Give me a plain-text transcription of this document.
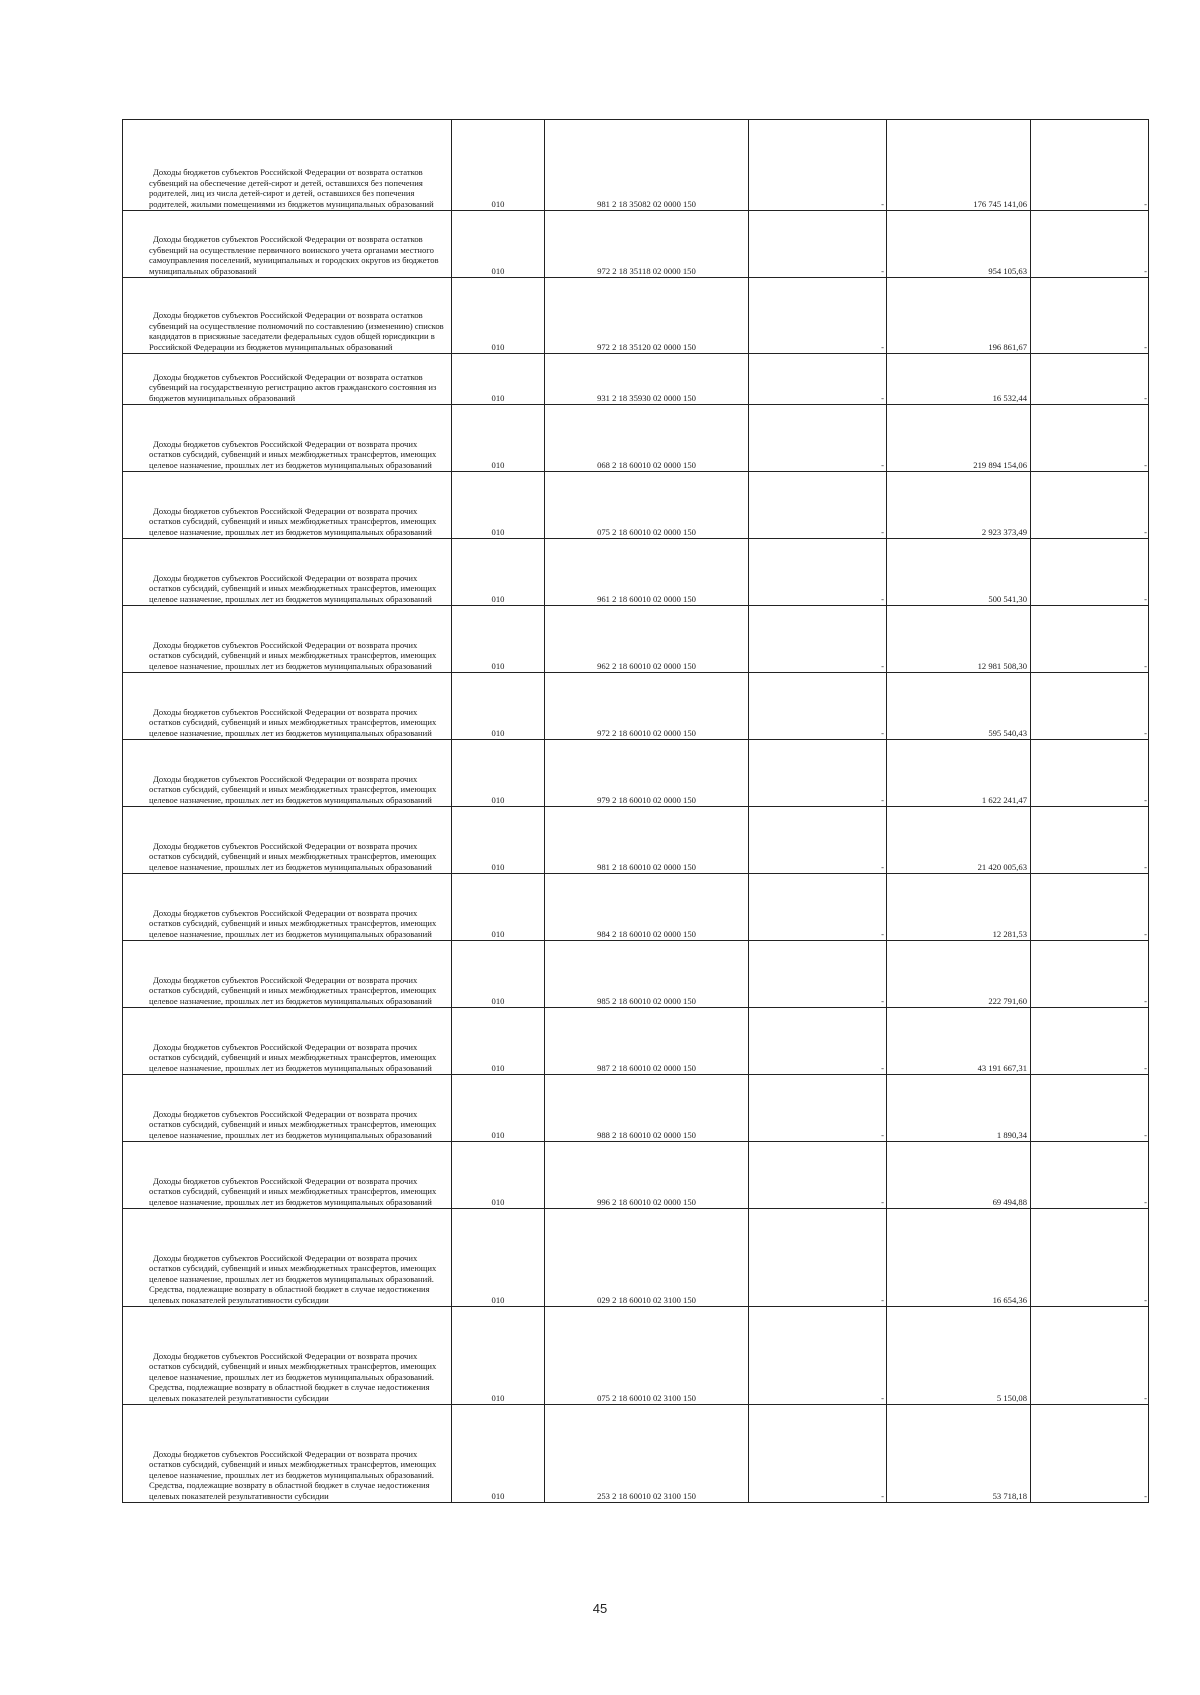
Доходы бюджетов субъектов Российской Федерации от возврата остатков субвенций на обеспечение детей-сирот и детей, оставшихся без попечения родителей, лиц из числа детей-сирот и детей, оставшихся без попечения родителей, жилыми помещениями из бюджетов муниципальных образований	010	981 2 18 35082 02 0000 150	-	176 745 141,06	-

Доходы бюджетов субъектов Российской Федерации от возврата остатков субвенций на осуществление первичного воинского учета органами местного самоуправления поселений, муниципальных и городских округов из бюджетов муниципальных образований	010	972 2 18 35118 02 0000 150	-	954 105,63	-

Доходы бюджетов субъектов Российской Федерации от возврата остатков субвенций на осуществление полномочий по составлению (изменению) списков кандидатов в присяжные заседатели федеральных судов общей юрисдикции в Российской Федерации из бюджетов муниципальных образований	010	972 2 18 35120 02 0000 150	-	196 861,67	-

Доходы бюджетов субъектов Российской Федерации от возврата остатков субвенций на государственную регистрацию актов гражданского состояния из бюджетов муниципальных образований	010	931 2 18 35930 02 0000 150	-	16 532,44	-

Доходы бюджетов субъектов Российской Федерации от возврата прочих остатков субсидий, субвенций и иных межбюджетных трансфертов, имеющих целевое назначение, прошлых лет из бюджетов муниципальных образований	010	068 2 18 60010 02 0000 150	-	219 894 154,06	-

Доходы бюджетов субъектов Российской Федерации от возврата прочих остатков субсидий, субвенций и иных межбюджетных трансфертов, имеющих целевое назначение, прошлых лет из бюджетов муниципальных образований	010	075 2 18 60010 02 0000 150	-	2 923 373,49	-

Доходы бюджетов субъектов Российской Федерации от возврата прочих остатков субсидий, субвенций и иных межбюджетных трансфертов, имеющих целевое назначение, прошлых лет из бюджетов муниципальных образований	010	961 2 18 60010 02 0000 150	-	500 541,30	-

Доходы бюджетов субъектов Российской Федерации от возврата прочих остатков субсидий, субвенций и иных межбюджетных трансфертов, имеющих целевое назначение, прошлых лет из бюджетов муниципальных образований	010	962 2 18 60010 02 0000 150	-	12 981 508,30	-

Доходы бюджетов субъектов Российской Федерации от возврата прочих остатков субсидий, субвенций и иных межбюджетных трансфертов, имеющих целевое назначение, прошлых лет из бюджетов муниципальных образований	010	972 2 18 60010 02 0000 150	-	595 540,43	-

Доходы бюджетов субъектов Российской Федерации от возврата прочих остатков субсидий, субвенций и иных межбюджетных трансфертов, имеющих целевое назначение, прошлых лет из бюджетов муниципальных образований	010	979 2 18 60010 02 0000 150	-	1 622 241,47	-

Доходы бюджетов субъектов Российской Федерации от возврата прочих остатков субсидий, субвенций и иных межбюджетных трансфертов, имеющих целевое назначение, прошлых лет из бюджетов муниципальных образований	010	981 2 18 60010 02 0000 150	-	21 420 005,63	-

Доходы бюджетов субъектов Российской Федерации от возврата прочих остатков субсидий, субвенций и иных межбюджетных трансфертов, имеющих целевое назначение, прошлых лет из бюджетов муниципальных образований	010	984 2 18 60010 02 0000 150	-	12 281,53	-

Доходы бюджетов субъектов Российской Федерации от возврата прочих остатков субсидий, субвенций и иных межбюджетных трансфертов, имеющих целевое назначение, прошлых лет из бюджетов муниципальных образований	010	985 2 18 60010 02 0000 150	-	222 791,60	-

Доходы бюджетов субъектов Российской Федерации от возврата прочих остатков субсидий, субвенций и иных межбюджетных трансфертов, имеющих целевое назначение, прошлых лет из бюджетов муниципальных образований	010	987 2 18 60010 02 0000 150	-	43 191 667,31	-

Доходы бюджетов субъектов Российской Федерации от возврата прочих остатков субсидий, субвенций и иных межбюджетных трансфертов, имеющих целевое назначение, прошлых лет из бюджетов муниципальных образований	010	988 2 18 60010 02 0000 150	-	1 890,34	-

Доходы бюджетов субъектов Российской Федерации от возврата прочих остатков субсидий, субвенций и иных межбюджетных трансфертов, имеющих целевое назначение, прошлых лет из бюджетов муниципальных образований	010	996 2 18 60010 02 0000 150	-	69 494,88	-

Доходы бюджетов субъектов Российской Федерации от возврата прочих остатков субсидий, субвенций и иных межбюджетных трансфертов, имеющих целевое назначение, прошлых лет из бюджетов муниципальных образований. Средства, подлежащие возврату в областной бюджет в случае недостижения целевых показателей результативности субсидии	010	029 2 18 60010 02 3100 150	-	16 654,36	-

Доходы бюджетов субъектов Российской Федерации от возврата прочих остатков субсидий, субвенций и иных межбюджетных трансфертов, имеющих целевое назначение, прошлых лет из бюджетов муниципальных образований. Средства, подлежащие возврату в областной бюджет в случае недостижения целевых показателей результативности субсидии	010	075 2 18 60010 02 3100 150	-	5 150,08	-

Доходы бюджетов субъектов Российской Федерации от возврата прочих остатков субсидий, субвенций и иных межбюджетных трансфертов, имеющих целевое назначение, прошлых лет из бюджетов муниципальных образований. Средства, подлежащие возврату в областной бюджет в случае недостижения целевых показателей результативности субсидии	010	253 2 18 60010 02 3100 150	-	53 718,18	-
45
